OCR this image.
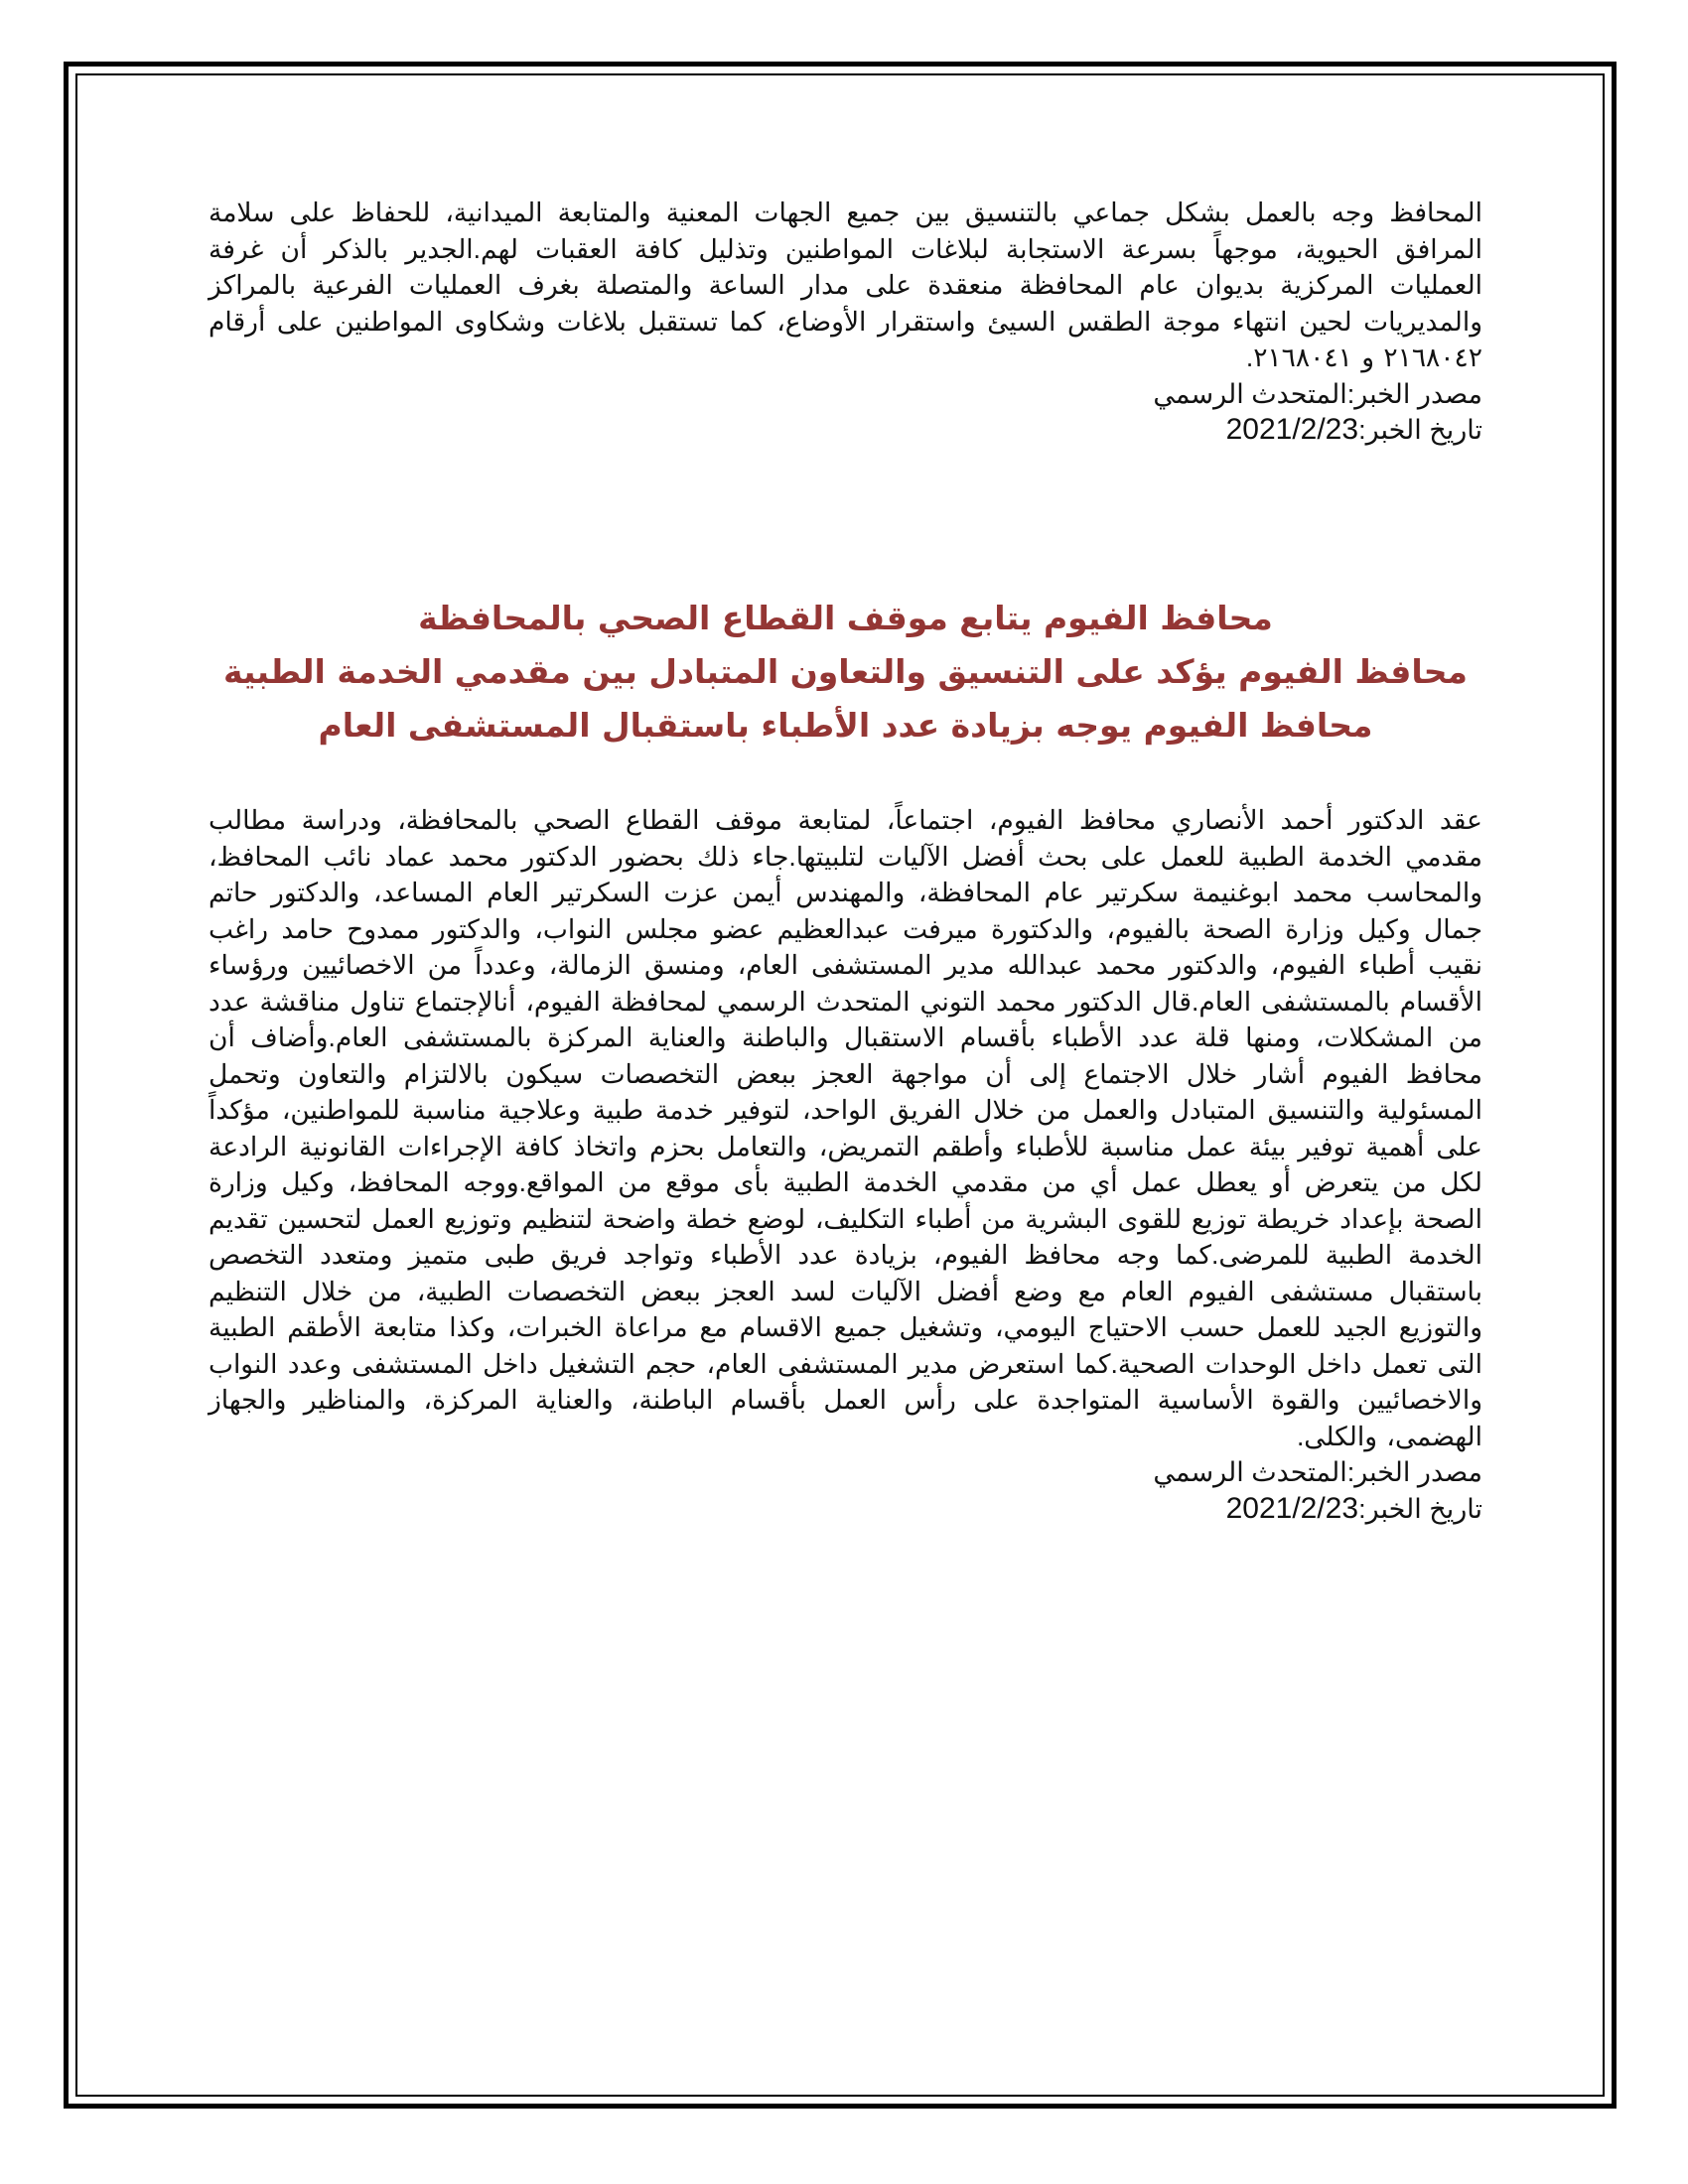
المحافظ وجه بالعمل بشكل جماعي بالتنسيق بين جميع الجهات المعنية والمتابعة الميدانية، للحفاظ على سلامة المرافق الحيوية، موجهاً بسرعة الاستجابة لبلاغات المواطنين وتذليل كافة العقبات لهم.الجدير بالذكر أن غرفة العمليات المركزية بديوان عام المحافظة منعقدة على مدار الساعة والمتصلة بغرف العمليات الفرعية بالمراكز والمديريات لحين انتهاء موجة الطقس السيئ واستقرار الأوضاع، كما تستقبل بلاغات وشكاوى المواطنين على أرقام ٢١٦٨٠٤٢ و ٢١٦٨٠٤١.

مصدر الخبر:المتحدث الرسمي

تاريخ الخبر:2021/2/23

محافظ الفيوم يتابع موقف القطاع الصحي بالمحافظة

محافظ الفيوم يؤكد على التنسيق والتعاون المتبادل بين مقدمي الخدمة الطبية

محافظ الفيوم يوجه بزيادة عدد الأطباء باستقبال المستشفى العام

عقد الدكتور أحمد الأنصاري محافظ الفيوم، اجتماعاً، لمتابعة موقف القطاع الصحي بالمحافظة، ودراسة مطالب مقدمي الخدمة الطبية للعمل على بحث أفضل الآليات لتلبيتها.جاء ذلك بحضور الدكتور محمد عماد نائب المحافظ، والمحاسب محمد ابوغنيمة سكرتير عام المحافظة، والمهندس أيمن عزت السكرتير العام المساعد، والدكتور حاتم جمال وكيل وزارة الصحة بالفيوم، والدكتورة ميرفت عبدالعظيم عضو مجلس النواب، والدكتور ممدوح حامد راغب نقيب أطباء الفيوم، والدكتور محمد عبدالله مدير المستشفى العام، ومنسق الزمالة، وعدداً من الاخصائيين ورؤساء الأقسام بالمستشفى العام.قال الدكتور محمد التوني المتحدث الرسمي لمحافظة الفيوم، أنالإجتماع تناول مناقشة عدد من المشكلات، ومنها قلة عدد الأطباء بأقسام الاستقبال والباطنة والعناية المركزة بالمستشفى العام.وأضاف أن محافظ الفيوم أشار خلال الاجتماع إلى أن مواجهة العجز ببعض التخصصات سيكون بالالتزام والتعاون وتحمل المسئولية والتنسيق المتبادل والعمل من خلال الفريق الواحد، لتوفير خدمة طبية وعلاجية مناسبة للمواطنين، مؤكداً على أهمية توفير بيئة عمل مناسبة للأطباء وأطقم التمريض، والتعامل بحزم واتخاذ كافة الإجراءات القانونية الرادعة لكل من يتعرض أو يعطل عمل أي من مقدمي الخدمة الطبية بأى موقع من المواقع.ووجه المحافظ، وكيل وزارة الصحة بإعداد خريطة توزيع للقوى البشرية من أطباء التكليف، لوضع خطة واضحة لتنظيم وتوزيع العمل لتحسين تقديم الخدمة الطبية للمرضى.كما وجه محافظ الفيوم، بزيادة عدد الأطباء وتواجد فريق طبى متميز ومتعدد التخصص باستقبال مستشفى الفيوم العام مع وضع أفضل الآليات لسد العجز ببعض التخصصات الطبية، من خلال التنظيم والتوزيع الجيد للعمل حسب الاحتياج اليومي، وتشغيل جميع الاقسام مع مراعاة الخبرات، وكذا متابعة الأطقم الطبية التى تعمل داخل الوحدات الصحية.كما استعرض مدير المستشفى العام، حجم التشغيل داخل المستشفى وعدد النواب والاخصائيين والقوة الأساسية المتواجدة على رأس العمل بأقسام الباطنة، والعناية المركزة، والمناظير والجهاز الهضمى، والكلى.

مصدر الخبر:المتحدث الرسمي

تاريخ الخبر:2021/2/23
